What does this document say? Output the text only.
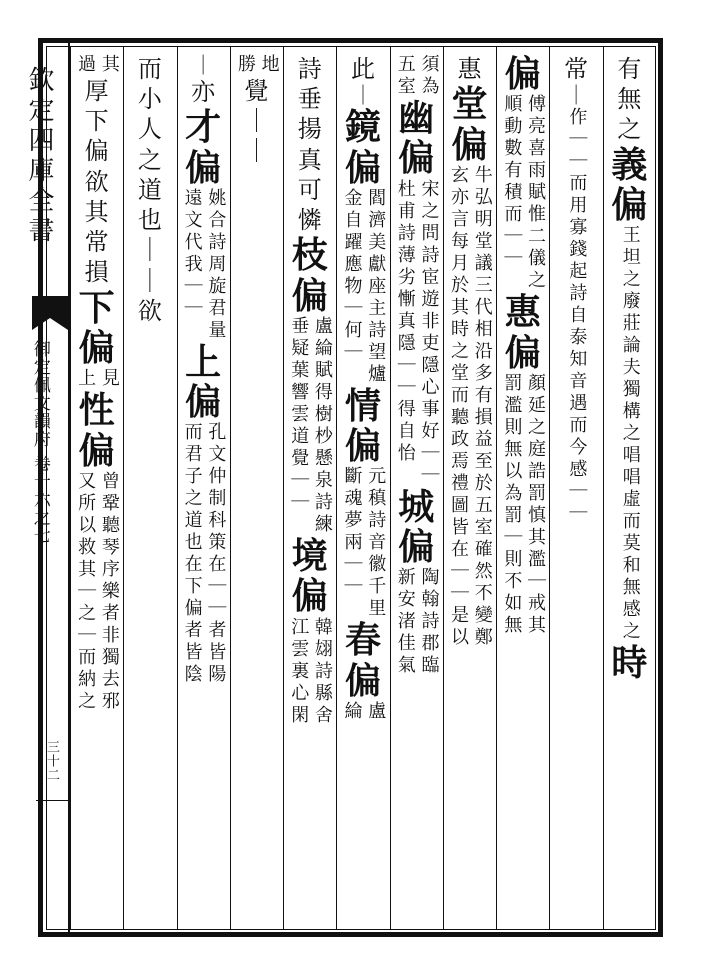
欽定四庫全書
御定佩文韻府 卷十六之七
三十二
有
無
之
義
偏
王坦之廢莊論夫獨構之唱唱虛而莫和無感之
時
常
｜
作｜｜而用寡錢起詩自泰知音遇而今感｜｜
偏
傅亮喜雨賦惟二儀之
順動數有積而｜｜
惠
偏
顏延之庭誥罰慎其濫｜戒其
罰濫則無以為罰｜則不如無
惠
堂
偏
牛弘明堂議三代相沿多有損益至於五室確然不變鄭
玄亦言每月於其時之堂而聽政焉禮圖皆在｜｜是以
須為
五室
幽
偏
宋之問詩宦遊非吏隱心事好｜｜
杜甫詩薄劣慚真隱｜｜得自怡
城
偏
陶翰詩郡臨
新安渚佳氣
此
｜
鏡
偏
閻濟美獻座主詩望爐
金自躍應物｜何｜
情
偏
元稹詩音徽千里
斷魂夢兩｜｜
春
偏
盧
綸
詩
垂
揚
真
可
憐
枝
偏
盧綸賦得樹杪懸泉詩練
垂疑葉響雲道覺｜｜
境
偏
韓翃詩縣舍
江雲裏心閑
地
勝
覺
｜
｜
｜
亦
才
偏
姚合詩周旋君量
遠文代我｜｜
上
偏
孔文仲制科策在｜｜者皆陽
而君子之道也在下偏者皆陰
而
小
人
之
道
也
｜
｜
欲
其
過
厚
下
偏
欲
其
常
損
下
偏
見
上
性
偏
曾鞏聽琴序樂者非獨去邪
又所以救其｜之｜而納之
